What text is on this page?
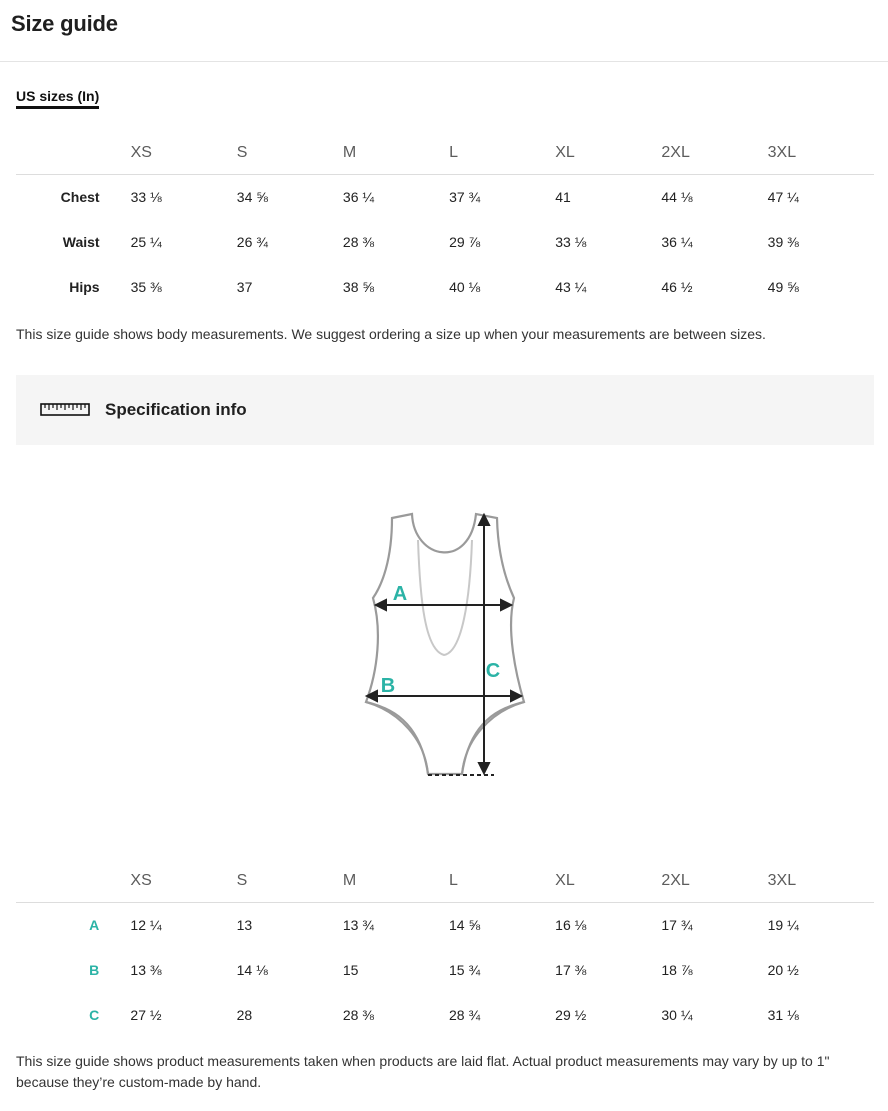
Size guide
US sizes (In)
	XS	S	M	L	XL	2XL	3XL
Chest	33 ⅛	34 ⅝	36 ¼	37 ¾	41	44 ⅛	47 ¼
Waist	25 ¼	26 ¾	28 ⅜	29 ⅞	33 ⅛	36 ¼	39 ⅜
Hips	35 ⅜	37	38 ⅝	40 ⅛	43 ¼	46 ½	49 ⅝
This size guide shows body measurements. We suggest ordering a size up when your measurements are between sizes.
Specification info
A
B
C
	XS	S	M	L	XL	2XL	3XL
A	12 ¼	13	13 ¾	14 ⅝	16 ⅛	17 ¾	19 ¼
B	13 ⅜	14 ⅛	15	15 ¾	17 ⅜	18 ⅞	20 ½
C	27 ½	28	28 ⅜	28 ¾	29 ½	30 ¼	31 ⅛
This size guide shows product measurements taken when products are laid flat. Actual product measurements may vary by up to 1" because they’re custom-made by hand.
